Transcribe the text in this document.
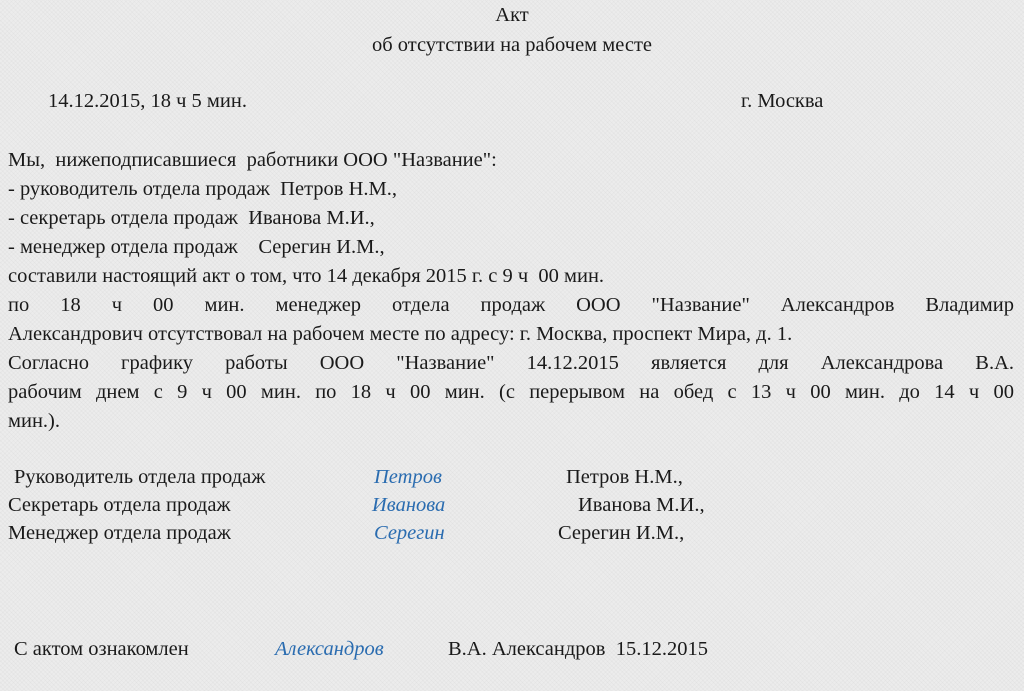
Акт
об отсутствии на рабочем месте
14.12.2015, 18 ч 5 мин.	г. Москва
Мы,  нижеподписавшиеся  работники ООО "Название":
- руководитель отдела продаж  Петров Н.М.,
- секретарь отдела продаж  Иванова М.И.,
- менеджер отдела продаж    Серегин И.М.,
составили настоящий акт о том, что 14 декабря 2015 г. с 9 ч  00 мин.
по 18 ч 00 мин. менеджер отдела продаж ООО "Название" Александров Владимир
Александрович отсутствовал на рабочем месте по адресу: г. Москва, проспект Мира, д. 1.
Согласно графику работы ООО "Название" 14.12.2015 является для Александрова В.А.
рабочим днем с 9 ч 00 мин. по 18 ч 00 мин. (с перерывом на обед с 13 ч 00 мин. до 14 ч 00
мин.).
Руководитель отдела продаж	Петров	Петров Н.М.,
Секретарь отдела продаж	Иванова	Иванова М.И.,
Менеджер отдела продаж	Серегин	Серегин И.М.,
С актом ознакомлен	Александров	В.А. Александров  15.12.2015
